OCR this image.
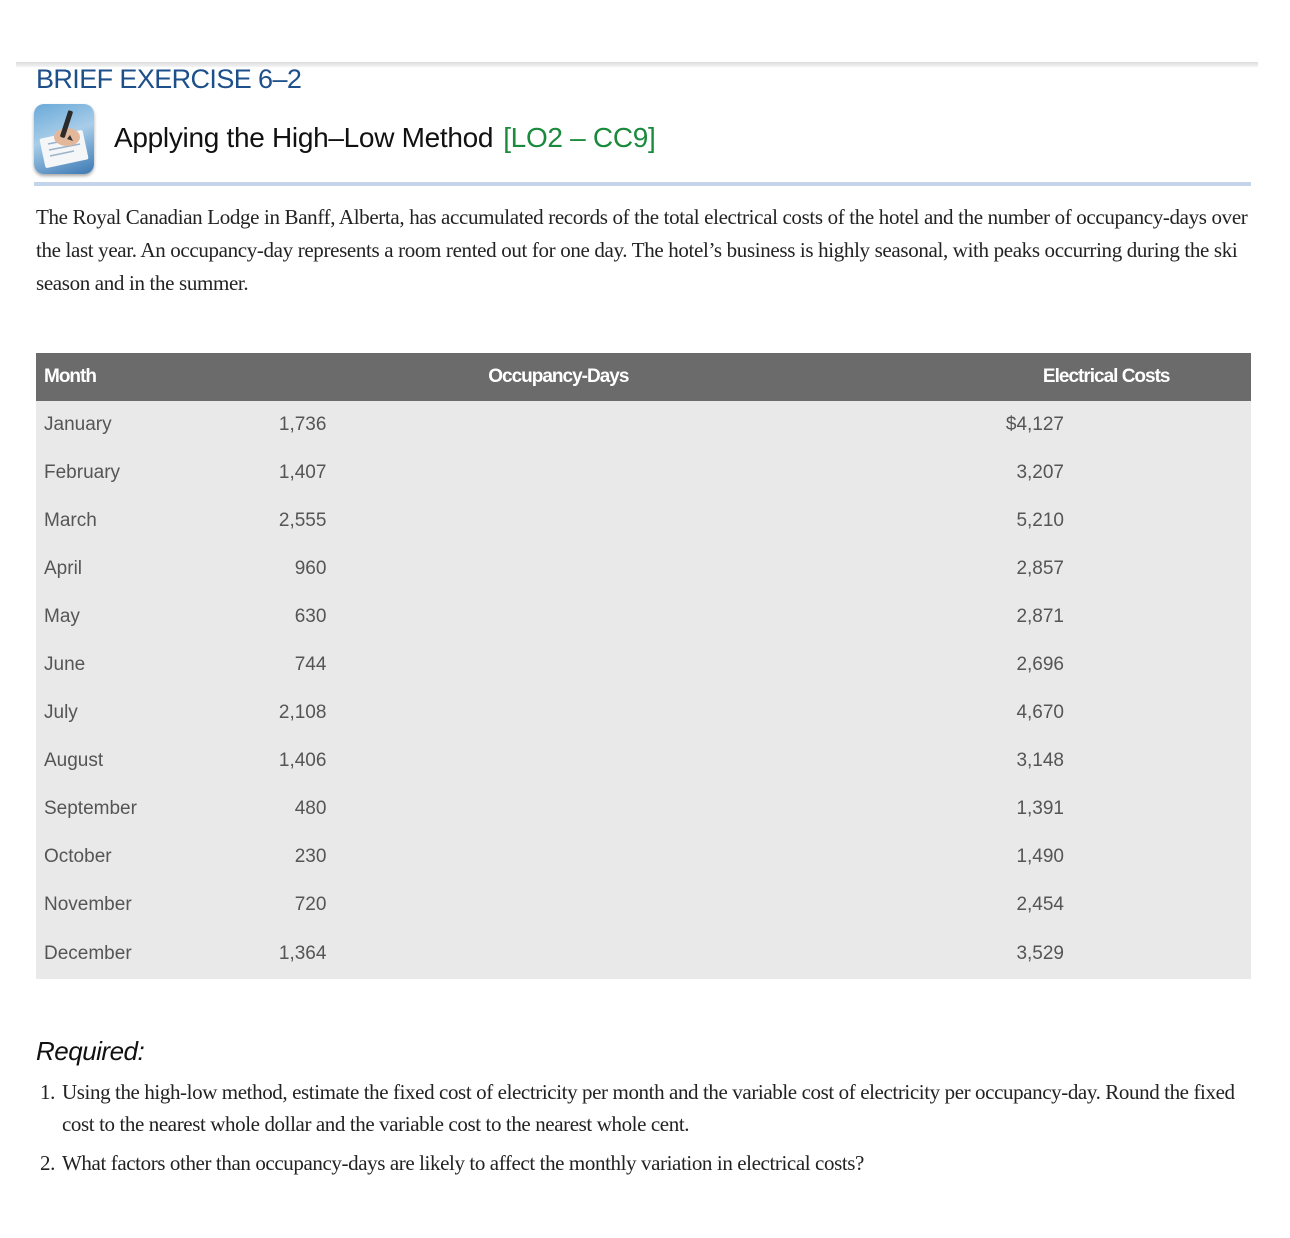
BRIEF EXERCISE 6–2
Applying the High–Low Method [LO2 – CC9]

The Royal Canadian Lodge in Banff, Alberta, has accumulated records of the total electrical costs of the hotel and the number of occupancy-days over the last year. An occupancy-day represents a room rented out for one day. The hotel’s business is highly seasonal, with peaks occurring during the ski season and in the summer.

Month	Occupancy-Days	Electrical Costs
January	1,736	$4,127
February	1,407	3,207
March	2,555	5,210
April	960	2,857
May	630	2,871
June	744	2,696
July	2,108	4,670
August	1,406	3,148
September	480	1,391
October	230	1,490
November	720	2,454
December	1,364	3,529
Required:
1. Using the high-low method, estimate the fixed cost of electricity per month and the variable cost of electricity per occupancy-day. Round the fixed cost to the nearest whole dollar and the variable cost to the nearest whole cent.
2. What factors other than occupancy-days are likely to affect the monthly variation in electrical costs?
